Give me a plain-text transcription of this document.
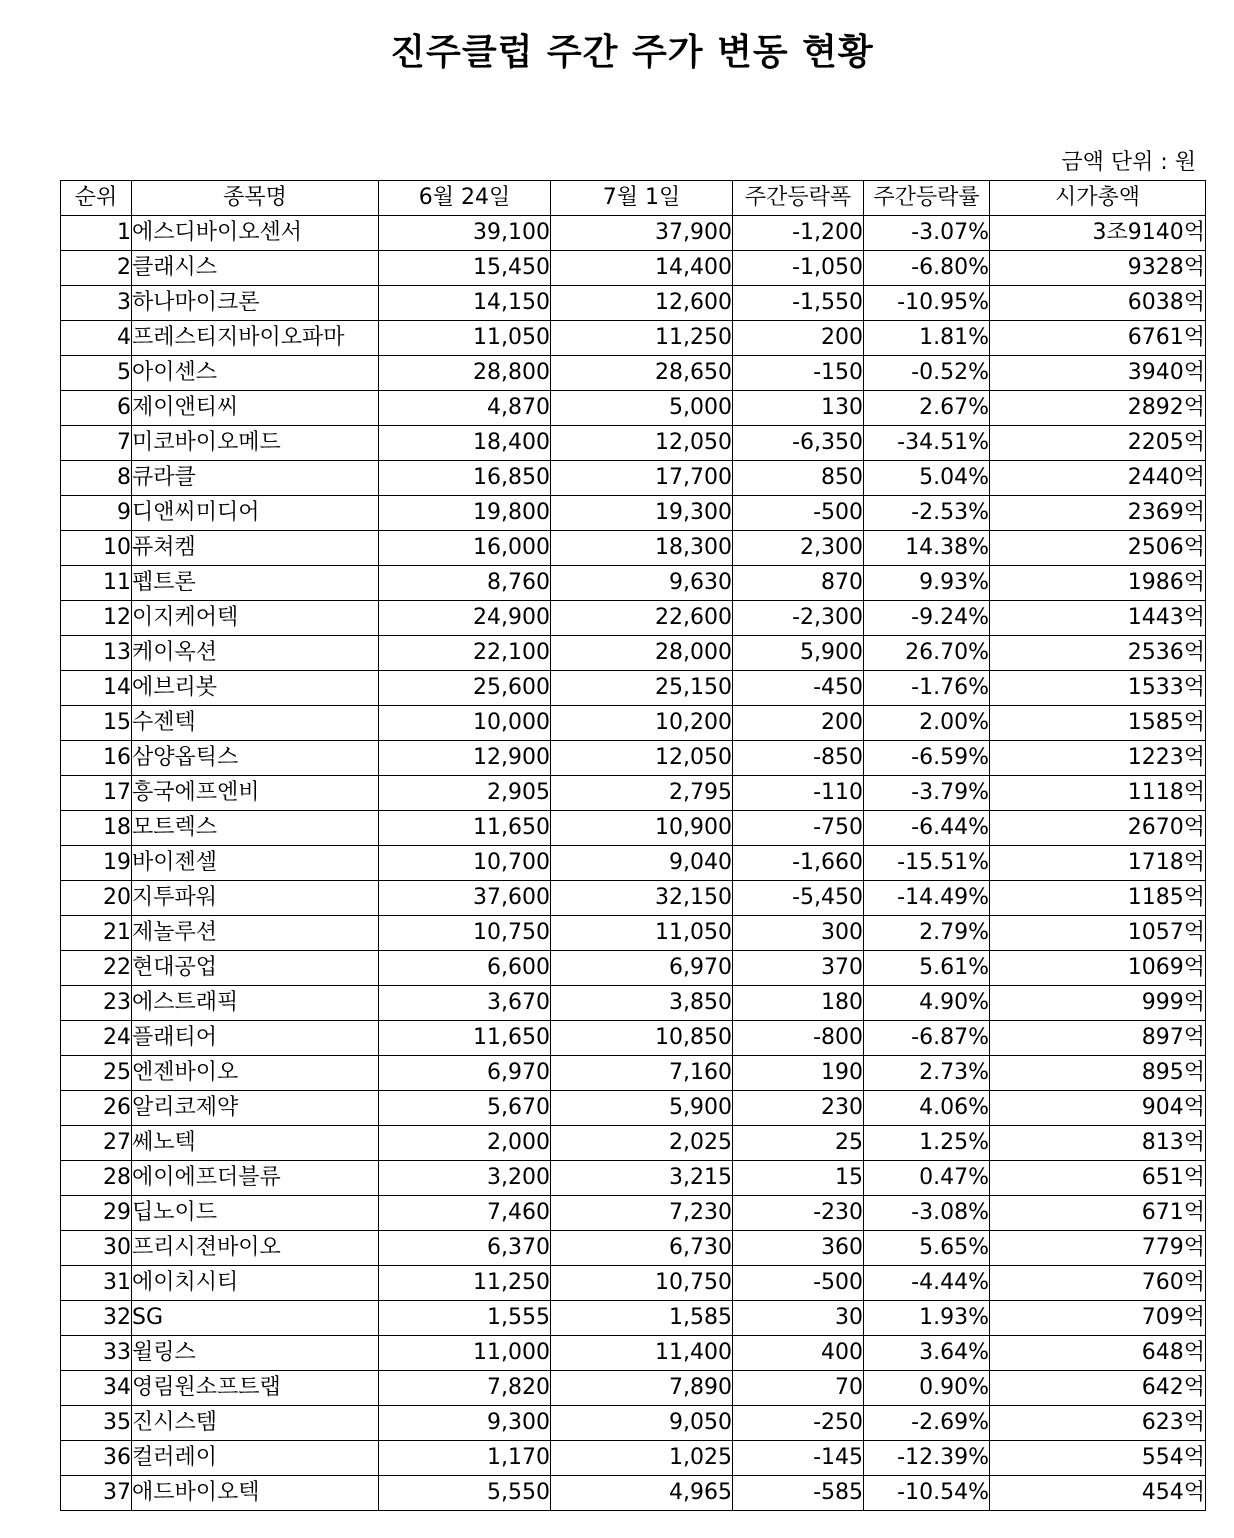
진주클럽 주간 주가 변동 현황
금액 단위 : 원
순위	종목명	6월 24일	7월 1일	주간등락폭	주간등락률	시가총액
1	에스디바이오센서	39,100	37,900	-1,200	-3.07%	3조9140억
2	클래시스	15,450	14,400	-1,050	-6.80%	9328억
3	하나마이크론	14,150	12,600	-1,550	-10.95%	6038억
4	프레스티지바이오파마	11,050	11,250	200	1.81%	6761억
5	아이센스	28,800	28,650	-150	-0.52%	3940억
6	제이앤티씨	4,870	5,000	130	2.67%	2892억
7	미코바이오메드	18,400	12,050	-6,350	-34.51%	2205억
8	큐라클	16,850	17,700	850	5.04%	2440억
9	디앤씨미디어	19,800	19,300	-500	-2.53%	2369억
10	퓨쳐켐	16,000	18,300	2,300	14.38%	2506억
11	펩트론	8,760	9,630	870	9.93%	1986억
12	이지케어텍	24,900	22,600	-2,300	-9.24%	1443억
13	케이옥션	22,100	28,000	5,900	26.70%	2536억
14	에브리봇	25,600	25,150	-450	-1.76%	1533억
15	수젠텍	10,000	10,200	200	2.00%	1585억
16	삼양옵틱스	12,900	12,050	-850	-6.59%	1223억
17	흥국에프엔비	2,905	2,795	-110	-3.79%	1118억
18	모트렉스	11,650	10,900	-750	-6.44%	2670억
19	바이젠셀	10,700	9,040	-1,660	-15.51%	1718억
20	지투파워	37,600	32,150	-5,450	-14.49%	1185억
21	제놀루션	10,750	11,050	300	2.79%	1057억
22	현대공업	6,600	6,970	370	5.61%	1069억
23	에스트래픽	3,670	3,850	180	4.90%	999억
24	플래티어	11,650	10,850	-800	-6.87%	897억
25	엔젠바이오	6,970	7,160	190	2.73%	895억
26	알리코제약	5,670	5,900	230	4.06%	904억
27	쎄노텍	2,000	2,025	25	1.25%	813억
28	에이에프더블류	3,200	3,215	15	0.47%	651억
29	딥노이드	7,460	7,230	-230	-3.08%	671억
30	프리시젼바이오	6,370	6,730	360	5.65%	779억
31	에이치시티	11,250	10,750	-500	-4.44%	760억
32	SG	1,555	1,585	30	1.93%	709억
33	윌링스	11,000	11,400	400	3.64%	648억
34	영림원소프트랩	7,820	7,890	70	0.90%	642억
35	진시스템	9,300	9,050	-250	-2.69%	623억
36	컬러레이	1,170	1,025	-145	-12.39%	554억
37	애드바이오텍	5,550	4,965	-585	-10.54%	454억
